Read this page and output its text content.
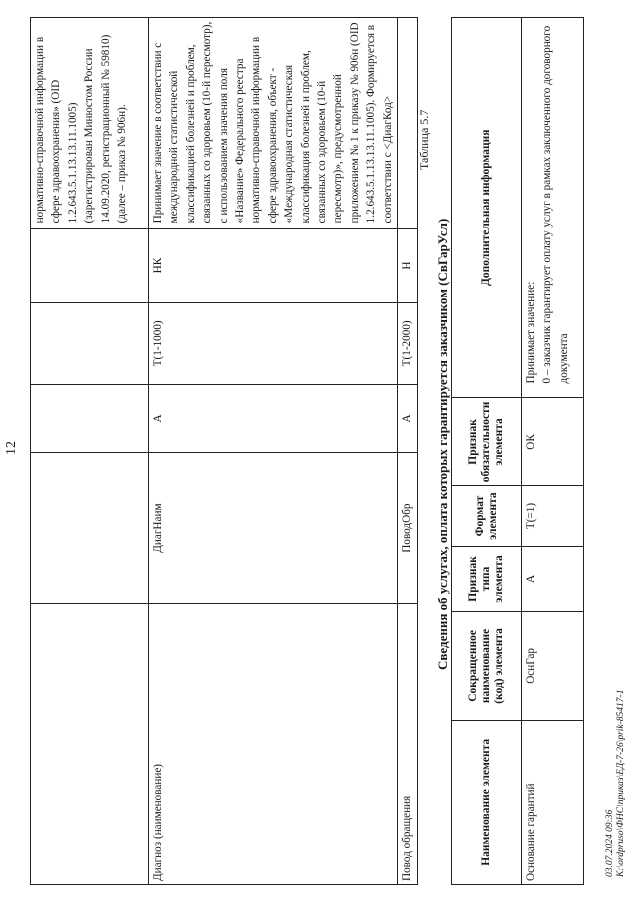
12
					нормативно-справочной информации в сфере здравоохранения» (OID 1.2.643.5.1.13.13.11.1005) (зарегистрирован Минюстом России 14.09.2020, регистрационный № 59810) (далее – приказ № 906н).
Диагноз (наименование)	ДиагНаим	А	T(1-1000)	НК	Принимает значение в соответствии с международной статистической классификацией болезней и проблем, связанных со здоровьем (10-й пересмотр), с использованием значения поля «Название» Федерального реестра нормативно-справочной информации в сфере здравоохранения, объект - «Международная статистическая классификация болезней и проблем, связанных со здоровьем (10-й пересмотр)», предусмотренной приложением № 1 к приказу № 906н (OID 1.2.643.5.1.13.13.11.1005). Формируется в соответствии с <ДиагКод>
Повод обращения	ПоводОбр	А	T(1-2000)	Н	
Таблица 5.7
Сведения об услугах, оплата которых гарантируется заказчиком (СвГарУсл)
Наименование элемента	Сокращенное наименование (код) элемента	Признак типа элемента	Формат элемента	Признак обязательности элемента	Дополнительная информация
Основание гарантий	ОснГар	А	T(=1)	ОК	Принимает значение: 0 – заказчик гарантирует оплату услуг в рамках заключенного договорного документа
03.07.2024 09:36 К:\ordpruso\ФНС\приказ\ЕД-7-26\prik-85417-1
